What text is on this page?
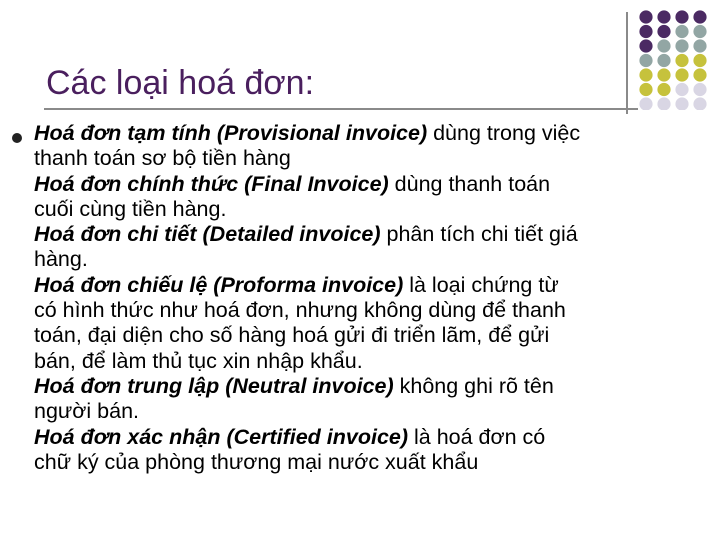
Các loại hoá đơn:
Hoá đơn tạm tính (Provisional invoice) dùng trong việc
thanh toán sơ bộ tiền hàng
Hoá đơn chính thức (Final Invoice) dùng thanh toán
cuối cùng tiền hàng.
Hoá đơn chi tiết (Detailed invoice) phân tích chi tiết giá
hàng.
Hoá đơn chiếu lệ (Proforma invoice) là loại chứng từ
có hình thức như hoá đơn, nhưng không dùng để thanh
toán, đại diện cho số hàng hoá gửi đi triển lãm, để gửi
bán, để làm thủ tục xin nhập khẩu.
Hoá đơn trung lập (Neutral invoice) không ghi rõ tên
người bán.
Hoá đơn xác nhận (Certified invoice) là hoá đơn có
chữ ký của phòng thương mại nước xuất khẩu
